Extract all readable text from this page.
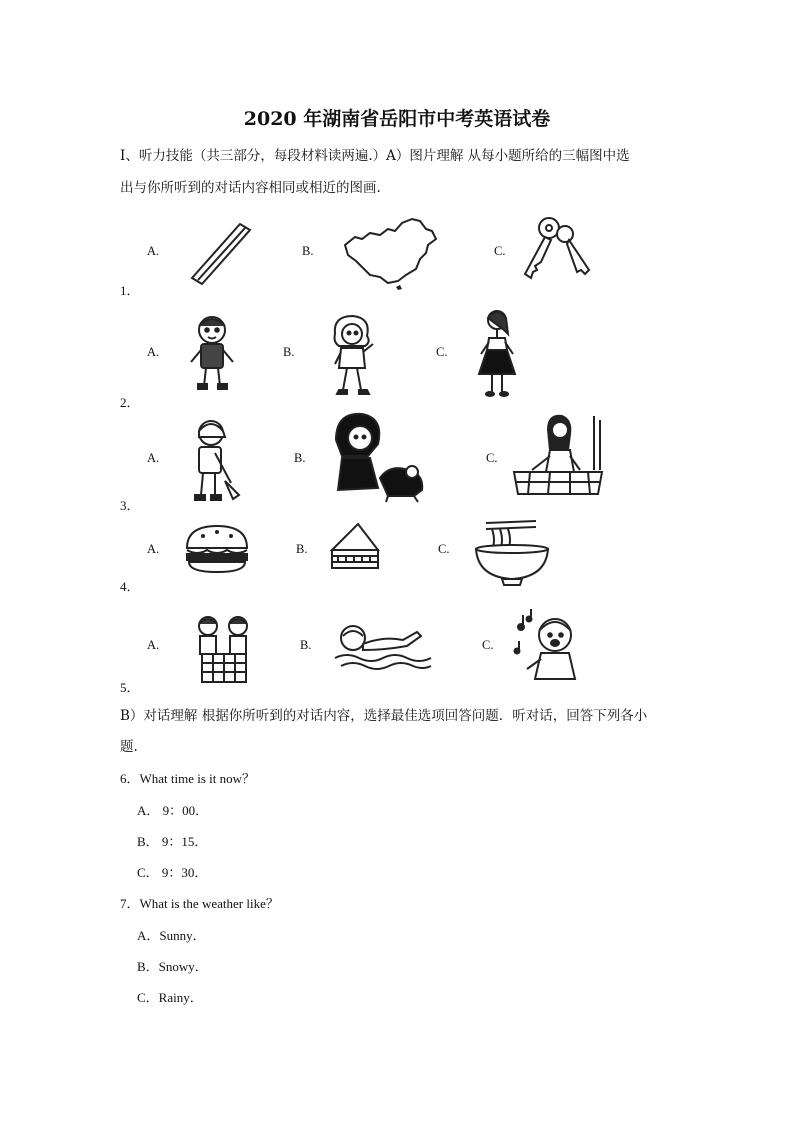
2020 年湖南省岳阳市中考英语试卷
Ⅰ、听力技能（共三部分，每段材料读两遍.）A）图片理解 从每小题所给的三幅图中选
出与你所听到的对话内容相同或相近的图画.
1．
A.	B.	C.
2．
A.	B.	C.
3．
A.	B.	C.
4．
A.	B.	C.
5．
A.	B.	C.
B）对话理解 根据你所听到的对话内容，选择最佳选项回答问题．听对话，回答下列各小
题.
6．What time is it now？
A． 9：00．
B． 9：15．
C． 9：30．
7．What is the weather like？
A．Sunny．
B．Snowy．
C．Rainy．
